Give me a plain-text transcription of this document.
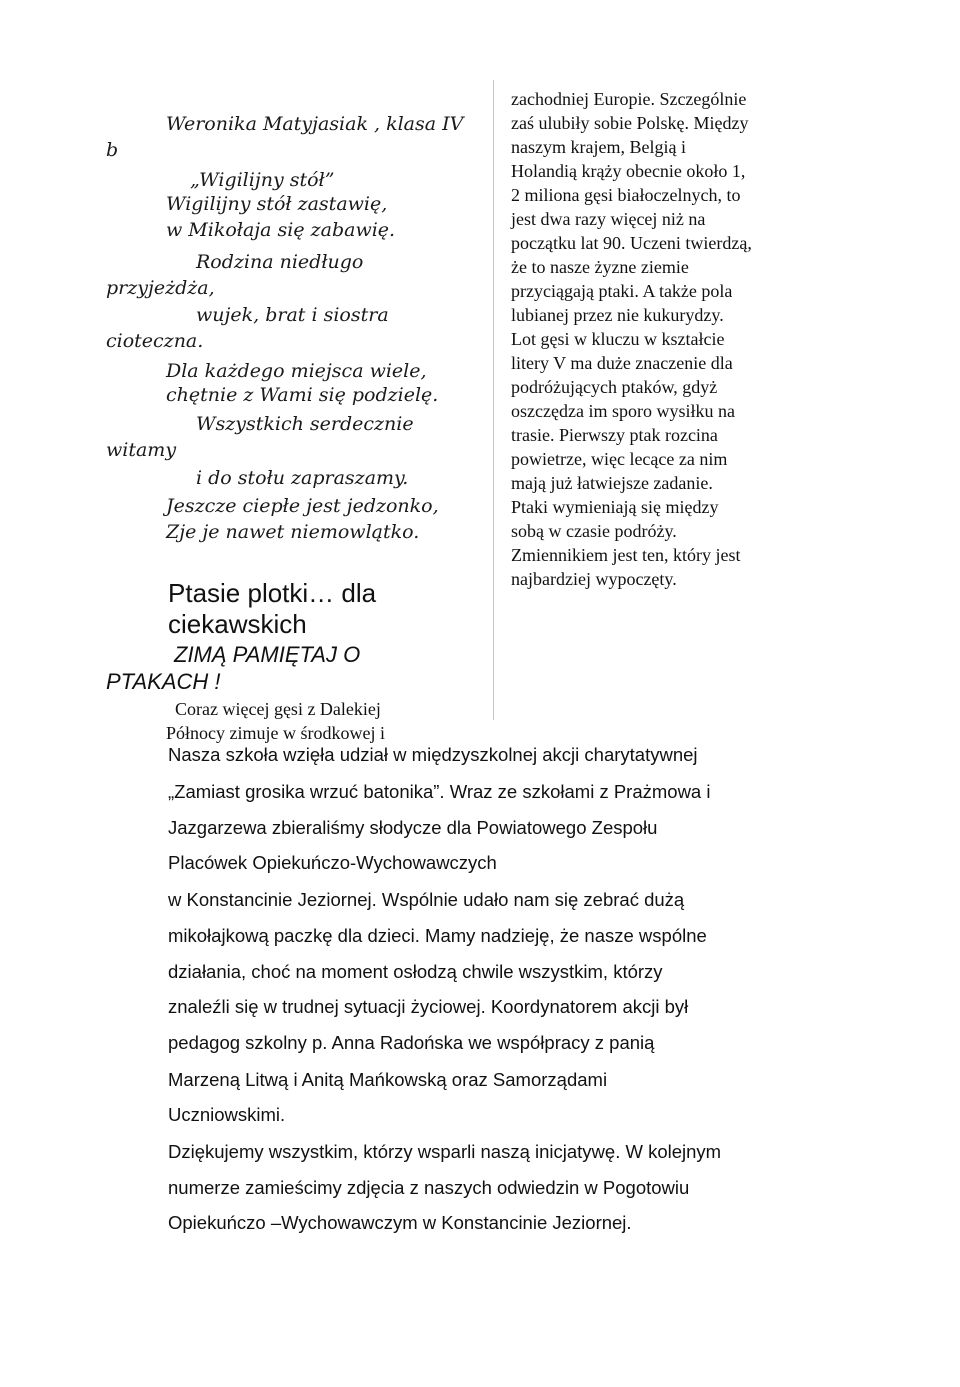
Weronika Matyjasiak , klasa IV
b
„Wigilijny stół”
Wigilijny stół zastawię,
w Mikołaja się zabawię.
Rodzina niedługo
przyjeżdża,
wujek, brat i siostra
cioteczna.
Dla każdego miejsca wiele,
chętnie z Wami się podzielę.
Wszystkich serdecznie
witamy
i do stołu zapraszamy.
Jeszcze ciepłe jest jedzonko,
Zje je nawet niemowlątko.
Ptasie plotki… dla
ciekawskich
ZIMĄ PAMIĘTAJ O
PTAKACH !
Coraz więcej gęsi z Dalekiej
Północy zimuje w środkowej i
zachodniej Europie. Szczególnie
zaś ulubiły sobie Polskę. Między
naszym krajem, Belgią i
Holandią krąży obecnie około 1,
2 miliona gęsi białoczelnych, to
jest dwa razy więcej niż na
początku lat 90. Uczeni twierdzą,
że to nasze żyzne ziemie
przyciągają ptaki. A także pola
lubianej przez nie kukurydzy.
Lot gęsi w kluczu w kształcie
litery V ma duże znaczenie dla
podróżujących ptaków, gdyż
oszczędza im sporo wysiłku na
trasie. Pierwszy ptak rozcina
powietrze, więc lecące za nim
mają już łatwiejsze zadanie.
Ptaki wymieniają się między
sobą w czasie podróży.
Zmiennikiem jest ten, który jest
najbardziej wypoczęty.
Nasza szkoła wzięła udział w międzyszkolnej akcji charytatywnej
„Zamiast grosika wrzuć batonika”. Wraz ze szkołami z Prażmowa i
Jazgarzewa zbieraliśmy słodycze dla Powiatowego Zespołu
Placówek Opiekuńczo-Wychowawczych
w Konstancinie Jeziornej. Wspólnie udało nam się zebrać dużą
mikołajkową paczkę dla dzieci. Mamy nadzieję, że nasze wspólne
działania, choć na moment osłodzą chwile wszystkim, którzy
znaleźli się w trudnej sytuacji życiowej. Koordynatorem akcji był
pedagog szkolny p. Anna Radońska we współpracy z panią
Marzeną Litwą i Anitą Mańkowską oraz Samorządami
Uczniowskimi.
Dziękujemy wszystkim, którzy wsparli naszą inicjatywę. W kolejnym
numerze zamieścimy zdjęcia z naszych odwiedzin w Pogotowiu
Opiekuńczo –Wychowawczym w Konstancinie Jeziornej.
